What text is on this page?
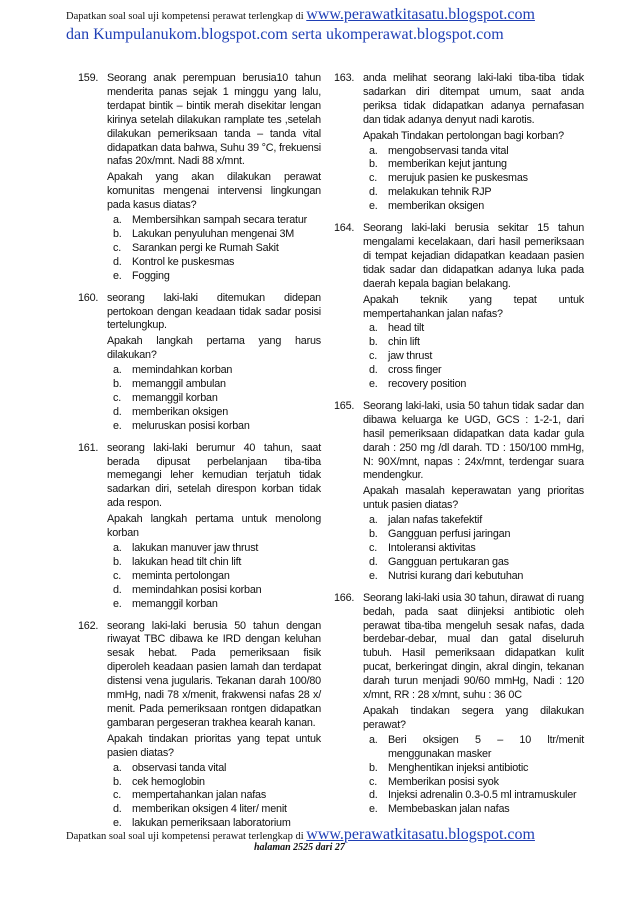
Dapatkan soal soal uji kompetensi perawat terlengkap di www.perawatkitasatu.blogspot.com
dan Kumpulanukom.blogspot.com serta ukomperawat.blogspot.com
159. Seorang anak perempuan berusia10 tahun menderita panas sejak 1 minggu yang lalu, terdapat bintik – bintik merah disekitar lengan kirinya setelah dilakukan ramplate tes ,setelah dilakukan pemeriksaan tanda – tanda vital didapatkan data bahwa, Suhu 39 °C, frekuensi nafas 20x/mnt. Nadi 88 x/mnt.

Apakah yang akan dilakukan perawat komunitas mengenai intervensi lingkungan pada kasus diatas?

a. Membersihkan sampah secara teratur
b. Lakukan penyuluhan mengenai 3M
c. Sarankan pergi ke Rumah Sakit
d. Kontrol ke puskesmas
e. Fogging
160. seorang laki-laki ditemukan didepan pertokoan dengan keadaan tidak sadar posisi tertelungkup.

Apakah langkah pertama yang harus dilakukan?

a. memindahkan korban
b. memanggil ambulan
c. memanggil korban
d. memberikan oksigen
e. meluruskan posisi korban
161. seorang laki-laki berumur 40 tahun, saat berada dipusat perbelanjaan tiba-tiba memegangi leher kemudian terjatuh tidak sadarkan diri, setelah direspon korban tidak ada respon.

Apakah langkah pertama untuk menolong korban

a. lakukan manuver jaw thrust
b. lakukan head tilt chin lift
c. meminta pertolongan
d. memindahkan posisi korban
e. memanggil korban
162. seorang laki-laki berusia 50 tahun dengan riwayat TBC dibawa ke IRD dengan keluhan sesak hebat. Pada pemeriksaan fisik diperoleh keadaan pasien lamah dan terdapat distensi vena jugularis. Tekanan darah 100/80 mmHg, nadi 78 x/menit, frakwensi nafas 28 x/ menit. Pada pemeriksaan rontgen didapatkan gambaran pergeseran trakhea kearah kanan.

Apakah tindakan prioritas yang tepat untuk pasien diatas?

a. observasi tanda vital
b. cek hemoglobin
c. mempertahankan jalan nafas
d. memberikan oksigen 4 liter/ menit
e. lakukan pemeriksaan laboratorium
163. anda melihat seorang laki-laki tiba-tiba tidak sadarkan diri ditempat umum, saat anda periksa tidak didapatkan adanya pernafasan dan tidak adanya denyut nadi karotis.

Apakah Tindakan pertolongan bagi korban?

a. mengobservasi tanda vital
b. memberikan kejut jantung
c. merujuk pasien ke puskesmas
d. melakukan tehnik RJP
e. memberikan oksigen
164. Seorang laki-laki berusia sekitar 15 tahun mengalami kecelakaan, dari hasil pemeriksaan di tempat kejadian didapatkan keadaan pasien tidak sadar dan didapatkan adanya luka pada daerah kepala bagian belakang.

Apakah teknik yang tepat untuk mempertahankan jalan nafas?

a. head tilt
b. chin lift
c. jaw thrust
d. cross finger
e. recovery position
165. Seorang laki-laki, usia 50 tahun tidak sadar dan dibawa keluarga ke UGD, GCS : 1-2-1, dari hasil pemeriksaan didapatkan data kadar gula darah : 250 mg /dl darah. TD : 150/100 mmHg, N: 90X/mnt, napas : 24x/mnt, terdengar suara mendengkur.

Apakah masalah keperawatan yang prioritas untuk pasien diatas?

a. jalan nafas takefektif
b. Gangguan perfusi jaringan
c. Intoleransi aktivitas
d. Gangguan pertukaran gas
e. Nutrisi kurang dari kebutuhan
166. Seorang laki-laki usia 30 tahun, dirawat di ruang bedah, pada saat diinjeksi antibiotic oleh perawat tiba-tiba mengeluh sesak nafas, dada berdebar-debar, mual dan gatal diseluruh tubuh. Hasil pemeriksaan didapatkan kulit pucat, berkeringat dingin, akral dingin, tekanan darah turun menjadi 90/60 mmHg, Nadi : 120 x/mnt, RR : 28 x/mnt, suhu : 36 0C

Apakah tindakan segera yang dilakukan perawat?

a. Beri oksigen 5 – 10 ltr/menit menggunakan masker
b. Menghentikan injeksi antibiotic
c. Memberikan posisi syok
d. Injeksi adrenalin 0.3-0.5 ml intramuskuler
e. Membebaskan jalan nafas
Dapatkan soal soal uji kompetensi perawat terlengkap di www.perawatkitasatu.blogspot.com
halaman 2525 dari 27
